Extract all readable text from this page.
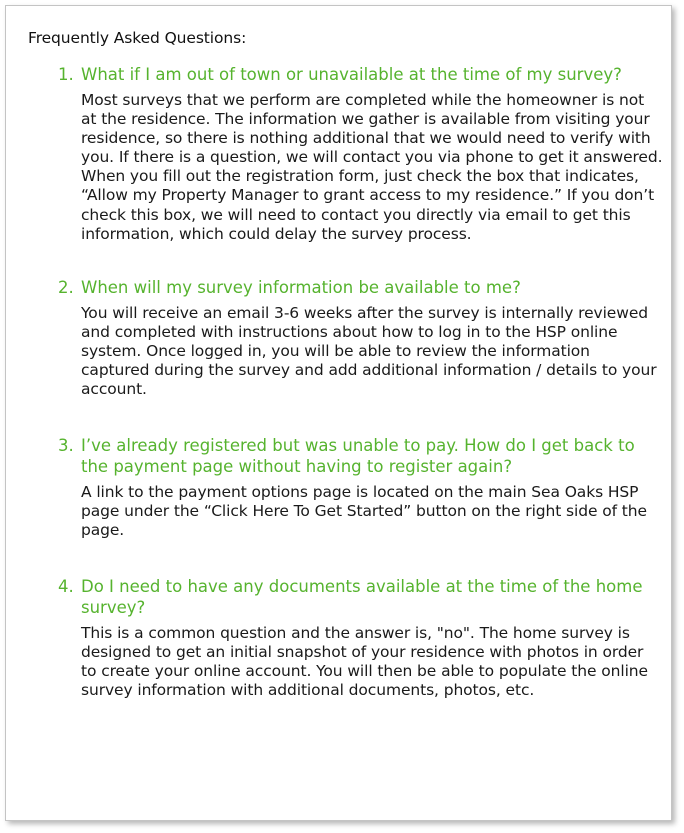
Frequently Asked Questions:

1. What if I am out of town or unavailable at the time of my survey?

Most surveys that we perform are completed while the homeowner is not at the residence. The information we gather is available from visiting your residence, so there is nothing additional that we would need to verify with you. If there is a question, we will contact you via phone to get it answered. When you fill out the registration form, just check the box that indicates, “Allow my Property Manager to grant access to my residence.” If you don’t check this box, we will need to contact you directly via email to get this information, which could delay the survey process.

2. When will my survey information be available to me?

You will receive an email 3-6 weeks after the survey is internally reviewed and completed with instructions about how to log in to the HSP online system. Once logged in, you will be able to review the information captured during the survey and add additional information / details to your account.

3. I’ve already registered but was unable to pay. How do I get back to the payment page without having to register again?

A link to the payment options page is located on the main Sea Oaks HSP page under the “Click Here To Get Started” button on the right side of the page.

4. Do I need to have any documents available at the time of the home survey?

This is a common question and the answer is, "no". The home survey is designed to get an initial snapshot of your residence with photos in order to create your online account. You will then be able to populate the online survey information with additional documents, photos, etc.
